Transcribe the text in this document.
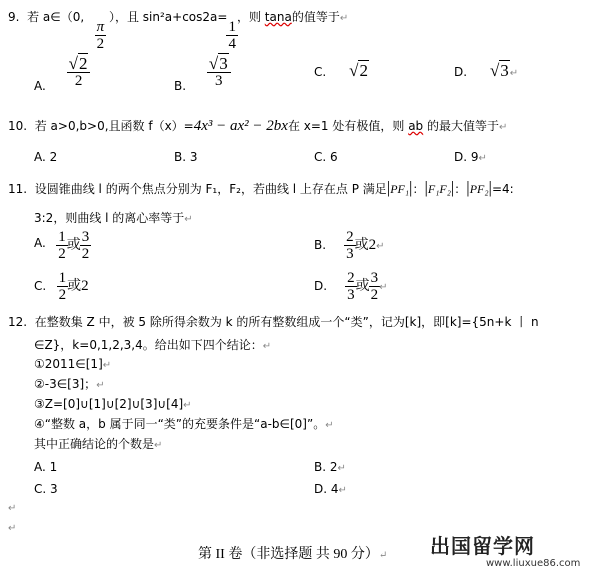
9. 若 a∈（0,
$\frac{\pi}{2}$
），且 sin²a+cos2a=
$\frac{1}{4}$
，则 tana的值等于↵
A. $\frac{√2}{2}$	B. $\frac{√3}{3}$	C. √2	D. √3↵
10. 若 a>0,b>0,且函数 f（x）=4x³ − ax² − 2bx在 x=1 处有极值，则 ab 的最大值等于↵
A. 2	B. 3	C. 6	D. 9↵
11. 设圆锥曲线 l 的两个焦点分别为 F₁，F₂，若曲线 l 上存在点 P 满足|PF₁|：|F₁F₂|：|PF₂|=4:
3:2，则曲线 l 的离心率等于↵
A. $\frac{1}{2}$ 或 $\frac{3}{2}$	B. $\frac{2}{3}$ 或2↵
C. $\frac{1}{2}$ 或2	D. $\frac{2}{3}$ 或 $\frac{3}{2}$ ↵
12. 在整数集 Z 中，被 5 除所得余数为 k 的所有整数组成一个“类”，记为[k]，即[k]={5n+k 丨 n
∈Z}，k=0,1,2,3,4。给出如下四个结论：↵
①2011∈[1]↵
②-3∈[3]；↵
③Z=[0]∪[1]∪[2]∪[3]∪[4]↵
④“整数 a，b 属于同一“类”的充要条件是“a-b∈[0]”。↵
其中正确结论的个数是↵
A. 1	B. 2↵
C. 3	D. 4↵
↵
↵
第 II 卷（非选择题 共 90 分）↵ 出国留学网
www.liuxue86.com
